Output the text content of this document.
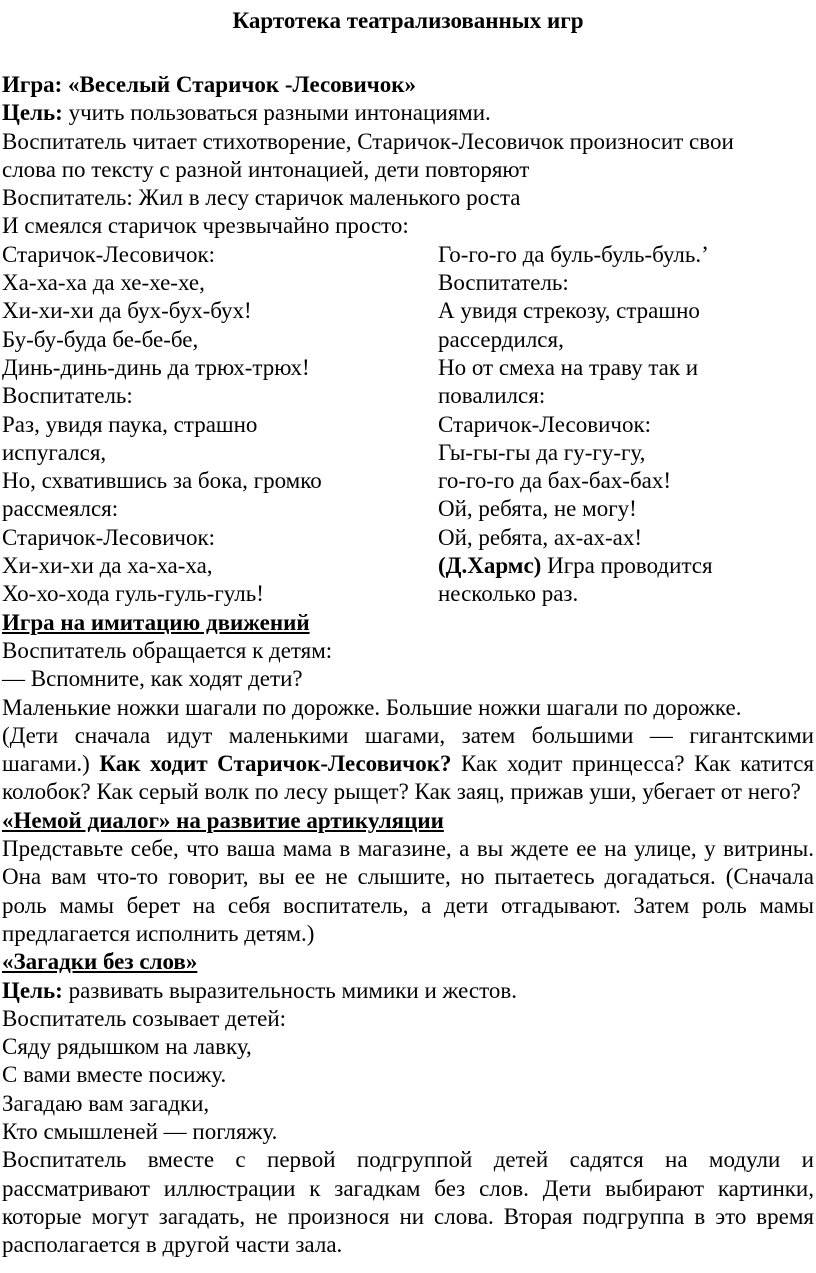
Картотека театрализованных игр
Игра: «Веселый Старичок -Лесовичок»
Цель: учить пользоваться разными интонациями.
Воспитатель читает стихотворение, Старичок-Лесовичок произносит свои
слова по тексту с разной интонацией, дети повторяют
Воспитатель: Жил в лесу старичок маленького роста
И смеялся старичок чрезвычайно просто:
Старичок-Лесовичок:
Ха-ха-ха да хе-хе-хе,
Хи-хи-хи да бух-бух-бух!
Бу-бу-буда бе-бе-бе,
Динь-динь-динь да трюх-трюх!
Воспитатель:
Раз, увидя паука, страшно
испугался,
Но, схватившись за бока, громко
рассмеялся:
Старичок-Лесовичок:
Хи-хи-хи да ха-ха-ха,
Хо-хо-хода гуль-гуль-гуль!
Го-го-го да буль-буль-буль.’
Воспитатель:
А увидя стрекозу, страшно
рассердился,
Но от смеха на траву так и
повалился:
Старичок-Лесовичок:
Гы-гы-гы да гу-гу-гу,
го-го-го да бах-бах-бах!
Ой, ребята, не могу!
Ой, ребята, ах-ах-ах!
(Д.Хармс) Игра проводится
несколько раз.
Игра на имитацию движений
Воспитатель обращается к детям:
— Вспомните, как ходят дети?
Маленькие ножки шагали по дорожке. Большие ножки шагали по дорожке.
(Дети сначала идут маленькими шагами, затем большими — гигантскими шагами.) Как ходит Старичок-Лесовичок? Как ходит принцесса? Как катится колобок? Как серый волк по лесу рыщет? Как заяц, прижав уши, убегает от него?
«Немой диалог» на развитие артикуляции
Представьте себе, что ваша мама в магазине, а вы ждете ее на улице, у витрины. Она вам что-то говорит, вы ее не слышите, но пытаетесь догадаться. (Сначала роль мамы берет на себя воспитатель, а дети отгадывают. Затем роль мамы предлагается исполнить детям.)
«Загадки без слов»
Цель: развивать выразительность мимики и жестов.
Воспитатель созывает детей:
Сяду рядышком на лавку,
С вами вместе посижу.
Загадаю вам загадки,
Кто смышленей — погляжу.
Воспитатель вместе с первой подгруппой детей садятся на модули и рассматривают иллюстрации к загадкам без слов. Дети выбирают картинки, которые могут загадать, не произнося ни слова. Вторая подгруппа в это время располагается в другой части зала.
